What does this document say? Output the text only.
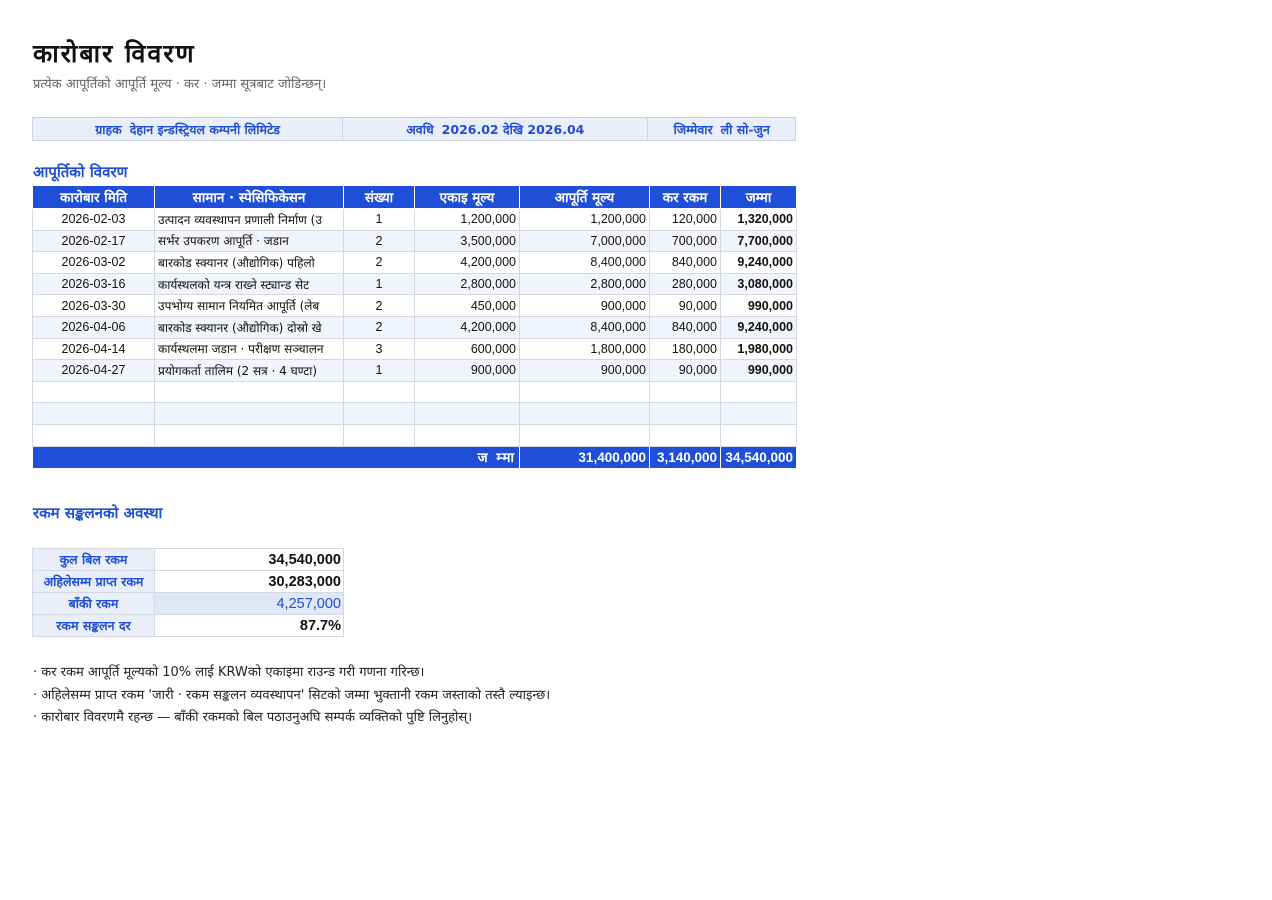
कारोबार विवरण
प्रत्येक आपूर्तिको आपूर्ति मूल्य · कर · जम्मा सूत्रबाट जोडिन्छन्।
ग्राहक देहान इन्डस्ट्रियल कम्पनी लिमिटेड	अवधि 2026.02 देखि 2026.04	जिम्मेवार ली सो-जुन
आपूर्तिको विवरण
कारोबार मिति	सामान · स्पेसिफिकेसन	संख्या	एकाइ मूल्य	आपूर्ति मूल्य	कर रकम	जम्मा
2026-02-03	उत्पादन व्यवस्थापन प्रणाली निर्माण (उ	1	1,200,000	1,200,000	120,000	1,320,000
2026-02-17	सर्भर उपकरण आपूर्ति · जडान	2	3,500,000	7,000,000	700,000	7,700,000
2026-03-02	बारकोड स्क्यानर (औद्योगिक) पहिलो	2	4,200,000	8,400,000	840,000	9,240,000
2026-03-16	कार्यस्थलको यन्त्र राख्ने स्ट्यान्ड सेट	1	2,800,000	2,800,000	280,000	3,080,000
2026-03-30	उपभोग्य सामान नियमित आपूर्ति (लेब	2	450,000	900,000	90,000	990,000
2026-04-06	बारकोड स्क्यानर (औद्योगिक) दोस्रो खे	2	4,200,000	8,400,000	840,000	9,240,000
2026-04-14	कार्यस्थलमा जडान · परीक्षण सञ्चालन	3	600,000	1,800,000	180,000	1,980,000
2026-04-27	प्रयोगकर्ता तालिम (2 सत्र · 4 घण्टा)	1	900,000	900,000	90,000	990,000

ज म्मा				31,400,000	3,140,000	34,540,000
रकम सङ्कलनको अवस्था
कुल बिल रकम	34,540,000
अहिलेसम्म प्राप्त रकम	30,283,000
बाँकी रकम	4,257,000
रकम सङ्कलन दर	87.7%
· कर रकम आपूर्ति मूल्यको 10% लाई KRWको एकाइमा राउन्ड गरी गणना गरिन्छ।
· अहिलेसम्म प्राप्त रकम 'जारी · रकम सङ्कलन व्यवस्थापन' सिटको जम्मा भुक्तानी रकम जस्ताको तस्तै ल्याइन्छ।
· कारोबार विवरणमै रहन्छ — बाँकी रकमको बिल पठाउनुअघि सम्पर्क व्यक्तिको पुष्टि लिनुहोस्।
